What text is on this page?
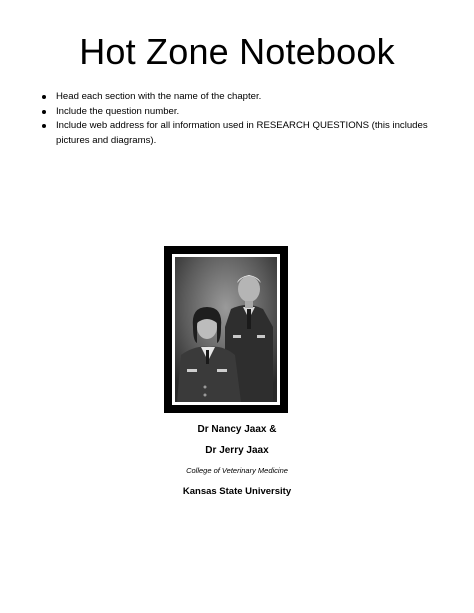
Hot Zone Notebook
Head each section with the name of the chapter.
Include the question number.
Include web address for all information used in RESEARCH QUESTIONS (this includes pictures and diagrams).
Dr Nancy Jaax &
Dr Jerry Jaax
College of Veterinary Medicine
Kansas State University
